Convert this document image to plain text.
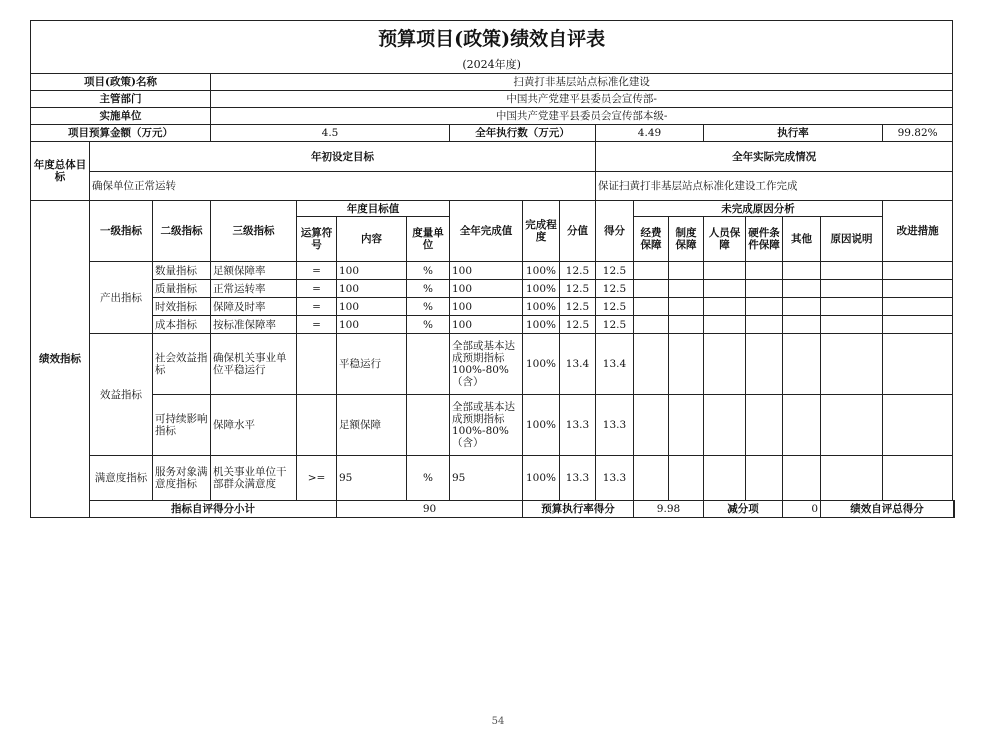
预算项目(政策)绩效自评表																		
(2024年度)																		
项目(政策)名称			扫黄打非基层站点标准化建设															
主管部门			中国共产党建平县委员会宣传部-															
实施单位			中国共产党建平县委员会宣传部本级-															
项目预算金额（万元）			4.5				全年执行数（万元）			4.49			执行率				99.82%	
年度总体目标	年初设定目标									全年实际完成情况								
	确保单位正常运转									保证扫黄打非基层站点标准化建设工作完成								
绩效指标	一级指标	二级指标	三级指标	年度目标值			全年完成值	完成程度	分值	得分	未完成原因分析						改进措施	
				运算符号	内容	度量单位					经费保障	制度保障	人员保障	硬件条件保障	其他	原因说明		
	产出指标	数量指标	足额保障率	=	100	%	100	100%	12.5	12.5								
		质量指标	正常运转率	=	100	%	100	100%	12.5	12.5								
		时效指标	保障及时率	=	100	%	100	100%	12.5	12.5								
		成本指标	按标准保障率	=	100	%	100	100%	12.5	12.5								
	效益指标	社会效益指标	确保机关事业单位平稳运行		平稳运行		全部或基本达成预期指标100%-80%（含）	100%	13.4	13.4								
		可持续影响指标	保障水平		足额保障		全部或基本达成预期指标100%-80%（含）	100%	13.3	13.3								
	满意度指标	服务对象满意度指标	机关事业单位干部群众满意度	>=	95	%	95	100%	13.3	13.3								
	指标自评得分小计				90			预算执行率得分			9.98		减分项		0	绩效自评总得分	
54
